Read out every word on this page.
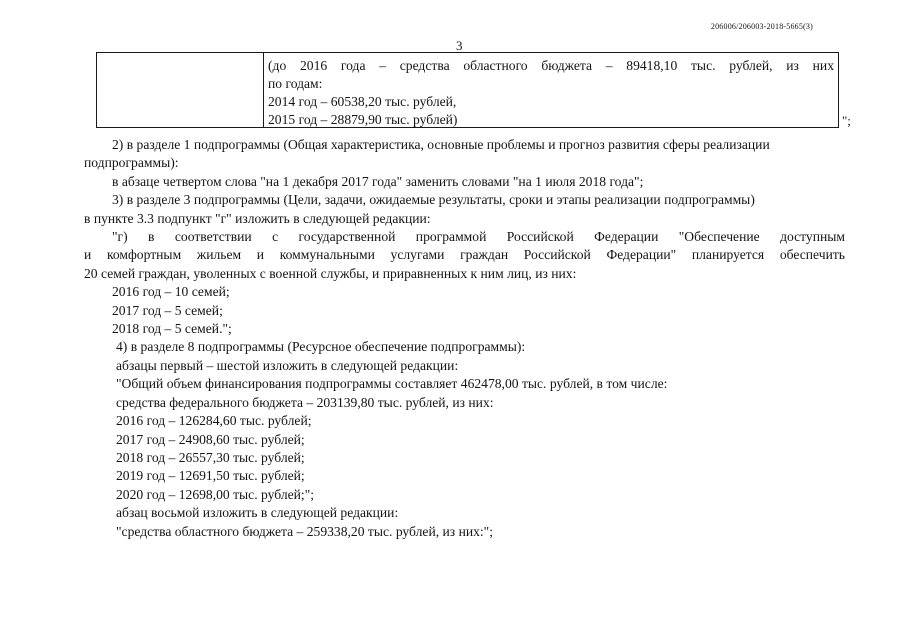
206006/206003-2018-5665(3)
3
(до 2016 года – средства областного бюджета – 89418,10 тыс. рублей, из них
по годам:
2014 год – 60538,20 тыс. рублей,
2015 год – 28879,90 тыс. рублей)	";
2) в разделе 1 подпрограммы (Общая характеристика, основные проблемы и прогноз развития сферы реализации
подпрограммы):
в абзаце четвертом слова "на 1 декабря 2017 года" заменить словами "на 1 июля 2018 года";
3) в разделе 3 подпрограммы (Цели, задачи, ожидаемые результаты, сроки и этапы реализации подпрограммы)
в пункте 3.3 подпункт "г" изложить в следующей редакции:
"г) в соответствии с государственной программой Российской Федерации "Обеспечение доступным
и комфортным жильем и коммунальными услугами граждан Российской Федерации" планируется обеспечить
20 семей граждан, уволенных с военной службы, и приравненных к ним лиц, из них:
2016 год – 10 семей;
2017 год – 5 семей;
2018 год – 5 семей.";
4) в разделе 8 подпрограммы (Ресурсное обеспечение подпрограммы):
абзацы первый – шестой изложить в следующей редакции:
"Общий объем финансирования подпрограммы составляет 462478,00 тыс. рублей, в том числе:
средства федерального бюджета – 203139,80 тыс. рублей, из них:
2016 год – 126284,60 тыс. рублей;
2017 год – 24908,60 тыс. рублей;
2018 год – 26557,30 тыс. рублей;
2019 год – 12691,50 тыс. рублей;
2020 год – 12698,00 тыс. рублей;";
абзац восьмой изложить в следующей редакции:
"средства областного бюджета – 259338,20 тыс. рублей, из них:";
